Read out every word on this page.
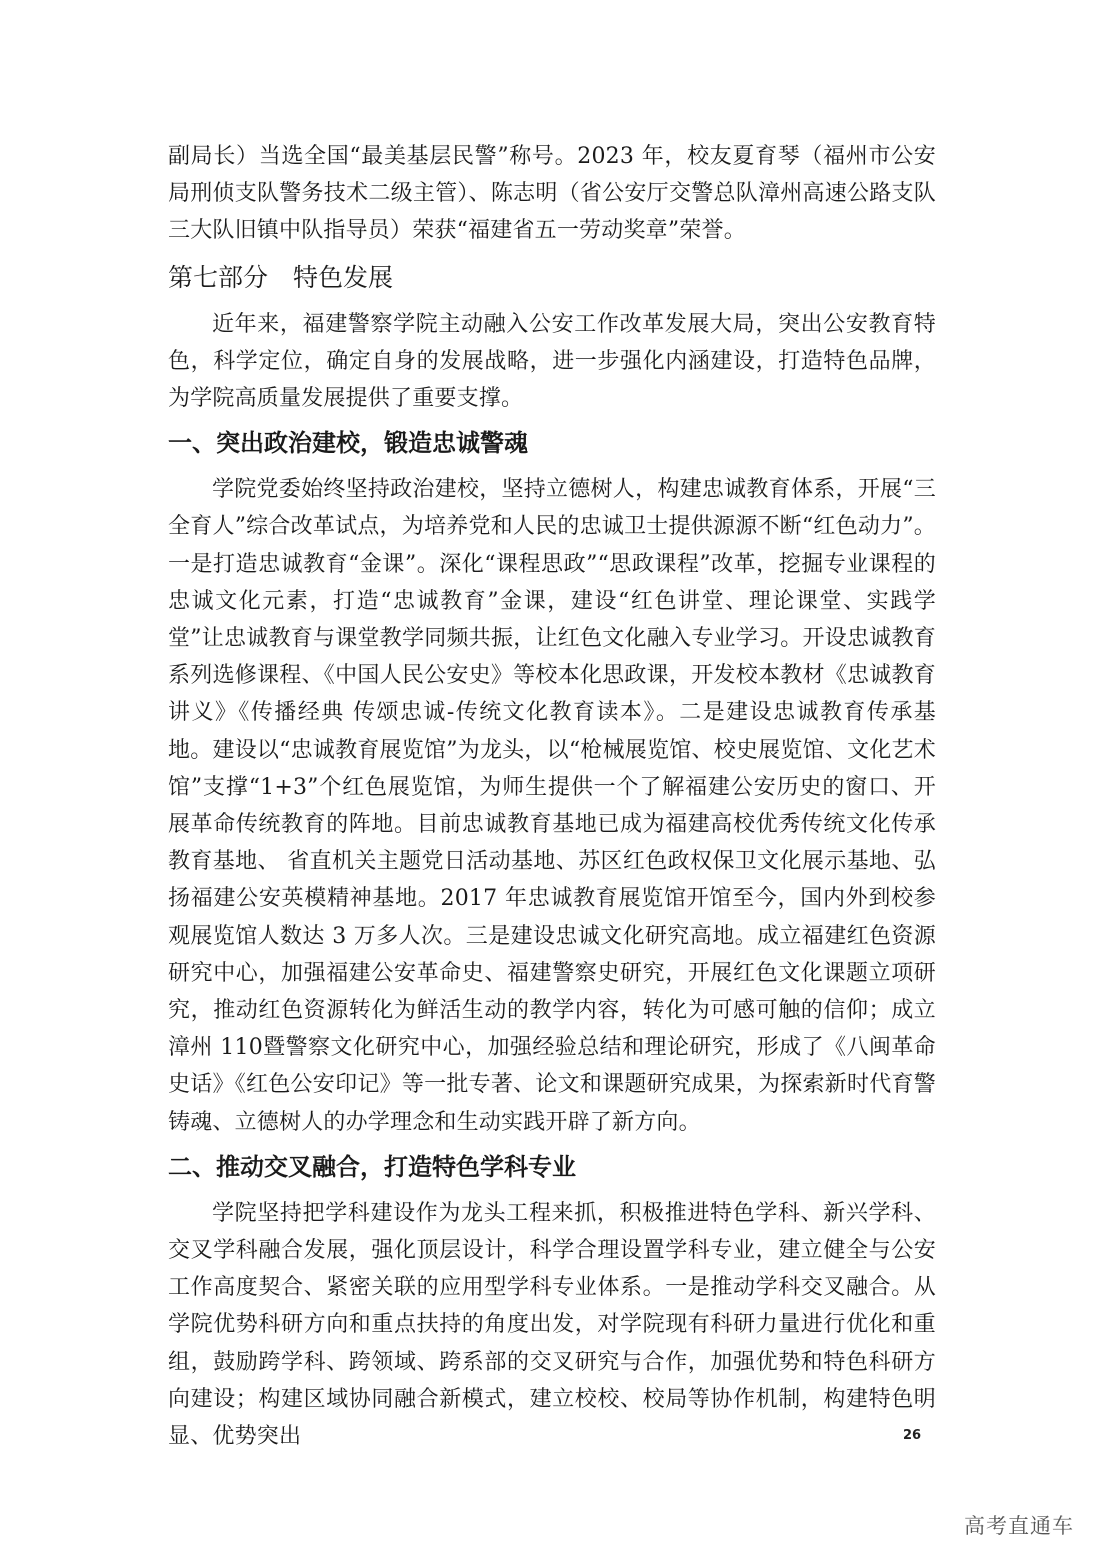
副局长）当选全国“最美基层民警”称号。2023 年，校友夏育琴（福州市公安局刑侦支队警务技术二级主管）、陈志明（省公安厅交警总队漳州高速公路支队三大队旧镇中队指导员）荣获“福建省五一劳动奖章”荣誉。

第七部分　特色发展

近年来，福建警察学院主动融入公安工作改革发展大局，突出公安教育特色，科学定位，确定自身的发展战略，进一步强化内涵建设，打造特色品牌，为学院高质量发展提供了重要支撑。

一、突出政治建校，锻造忠诚警魂

学院党委始终坚持政治建校，坚持立德树人，构建忠诚教育体系，开展“三全育人”综合改革试点，为培养党和人民的忠诚卫士提供源源不断“红色动力”。一是打造忠诚教育“金课”。深化“课程思政”“思政课程”改革，挖掘专业课程的忠诚文化元素，打造“忠诚教育”金课，建设“红色讲堂、理论课堂、实践学堂”让忠诚教育与课堂教学同频共振，让红色文化融入专业学习。开设忠诚教育系列选修课程、《中国人民公安史》等校本化思政课，开发校本教材《忠诚教育讲义》《传播经典 传颂忠诚-传统文化教育读本》。二是建设忠诚教育传承基地。建设以“忠诚教育展览馆”为龙头，以“枪械展览馆、校史展览馆、文化艺术馆”支撑“1+3”个红色展览馆，为师生提供一个了解福建公安历史的窗口、开展革命传统教育的阵地。目前忠诚教育基地已成为福建高校优秀传统文化传承教育基地、 省直机关主题党日活动基地、苏区红色政权保卫文化展示基地、弘扬福建公安英模精神基地。2017 年忠诚教育展览馆开馆至今，国内外到校参观展览馆人数达 3 万多人次。三是建设忠诚文化研究高地。成立福建红色资源研究中心，加强福建公安革命史、福建警察史研究，开展红色文化课题立项研究，推动红色资源转化为鲜活生动的教学内容，转化为可感可触的信仰；成立漳州 110暨警察文化研究中心，加强经验总结和理论研究，形成了《八闽革命史话》《红色公安印记》等一批专著、论文和课题研究成果，为探索新时代育警铸魂、立德树人的办学理念和生动实践开辟了新方向。

二、推动交叉融合，打造特色学科专业

学院坚持把学科建设作为龙头工程来抓，积极推进特色学科、新兴学科、交叉学科融合发展，强化顶层设计，科学合理设置学科专业，建立健全与公安工作高度契合、紧密关联的应用型学科专业体系。一是推动学科交叉融合。从学院优势科研方向和重点扶持的角度出发，对学院现有科研力量进行优化和重组，鼓励跨学科、跨领域、跨系部的交叉研究与合作，加强优势和特色科研方向建设；构建区域协同融合新模式，建立校校、校局等协作机制，构建特色明显、优势突出	26
高考直通车
